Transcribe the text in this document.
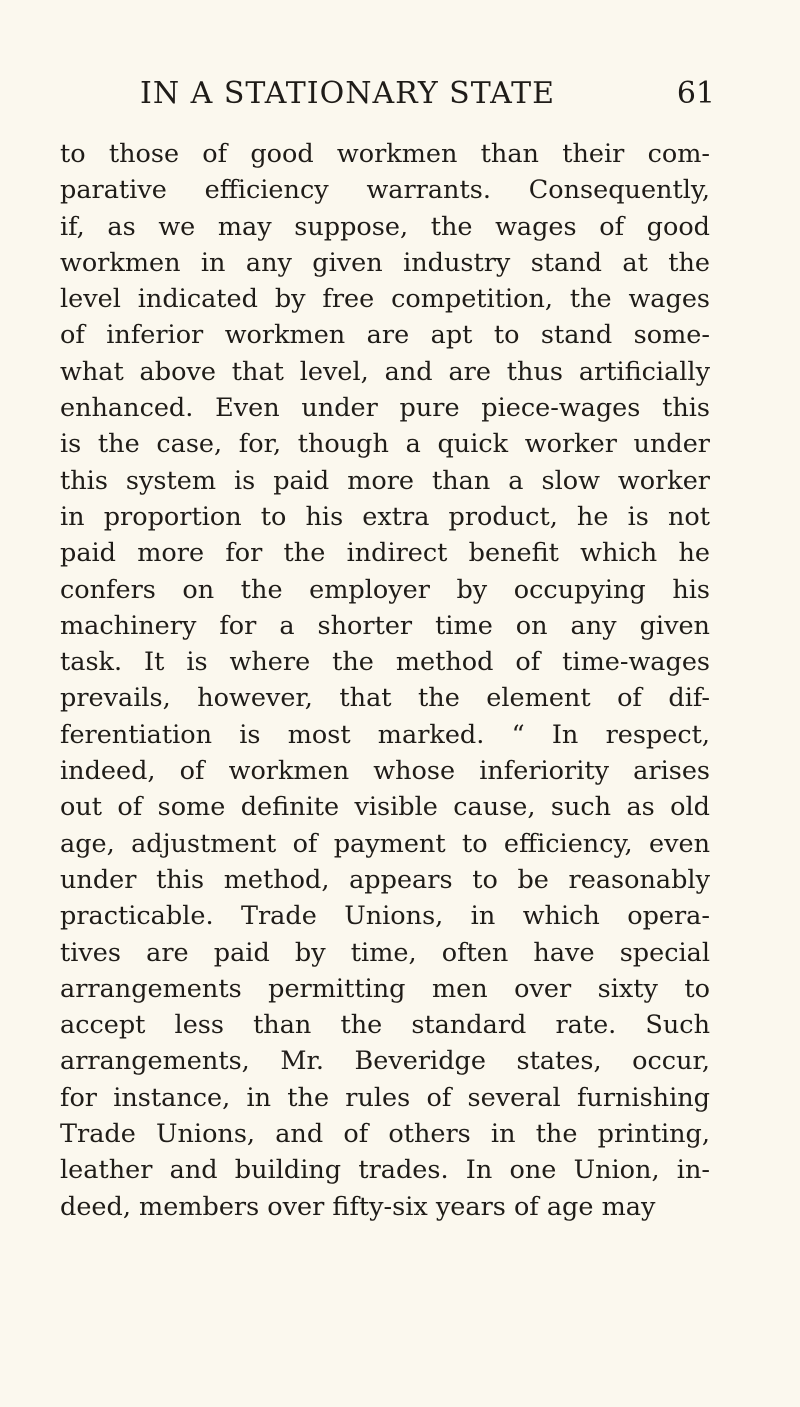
IN A STATIONARY STATE	61
to those of good workmen than their com-
parative efficiency warrants. Consequently,
if, as we may suppose, the wages of good
workmen in any given industry stand at the
level indicated by free competition, the wages
of inferior workmen are apt to stand some-
what above that level, and are thus artificially
enhanced. Even under pure piece-wages this
is the case, for, though a quick worker under
this system is paid more than a slow worker
in proportion to his extra product, he is not
paid more for the indirect benefit which he
confers on the employer by occupying his
machinery for a shorter time on any given
task. It is where the method of time-wages
prevails, however, that the element of dif-
ferentiation is most marked. “ In respect,
indeed, of workmen whose inferiority arises
out of some definite visible cause, such as old
age, adjustment of payment to efficiency, even
under this method, appears to be reasonably
practicable. Trade Unions, in which opera-
tives are paid by time, often have special
arrangements permitting men over sixty to
accept less than the standard rate. Such
arrangements, Mr. Beveridge states, occur,
for instance, in the rules of several furnishing
Trade Unions, and of others in the printing,
leather and building trades. In one Union, in-
deed, members over fifty-six years of age may
